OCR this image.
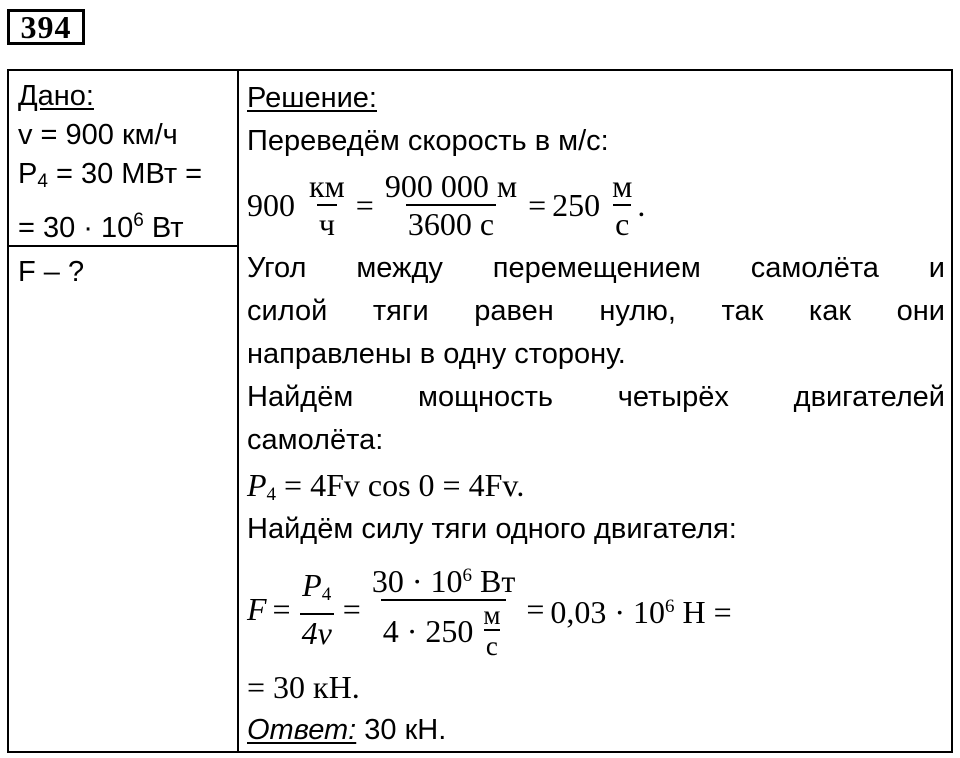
394
Дано:
v = 900 км/ч
$P_4 = 30$ МВт =
= $30 \cdot 10^6$ Вт
F – ?
Решение:
Переведём скорость в м/с:
$900 \frac{км}{ч} = \frac{900 000 м}{3600 с} = 250 \frac{м}{с}$ .
Угол между перемещением самолёта и
силой тяги равен нулю, так как они
направлены в одну сторону.
Найдём мощность четырёх двигателей
самолёта:
$P_4 = 4Fv$ cos 0 = 4Fv.
Найдём силу тяги одного двигателя:
$F = \frac{P_4}{4v} = \frac{30 \cdot 10^6 Вт}{4 \cdot 250 \frac{м}{с}} = 0,03 \cdot 10^6$ Н =
= 30 кН.
Ответ: 30 кН.
